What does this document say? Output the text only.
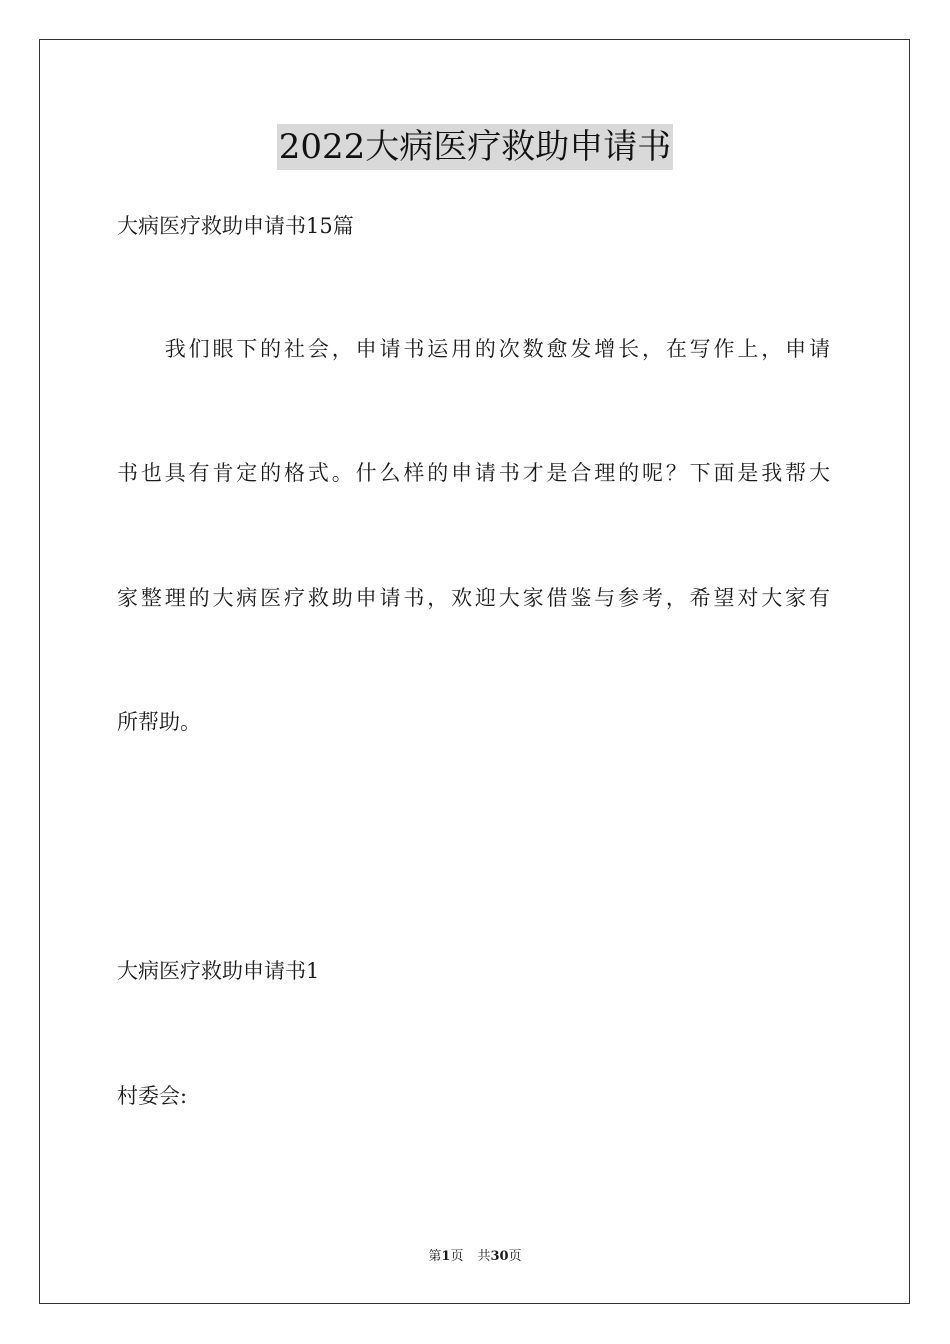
2022大病医疗救助申请书
大病医疗救助申请书15篇
　　我们眼下的社会，申请书运用的次数愈发增长，在写作上，申请
书也具有肯定的格式。什么样的申请书才是合理的呢？下面是我帮大
家整理的大病医疗救助申请书，欢迎大家借鉴与参考，希望对大家有
所帮助。
大病医疗救助申请书1
村委会:
第1页 共30页
